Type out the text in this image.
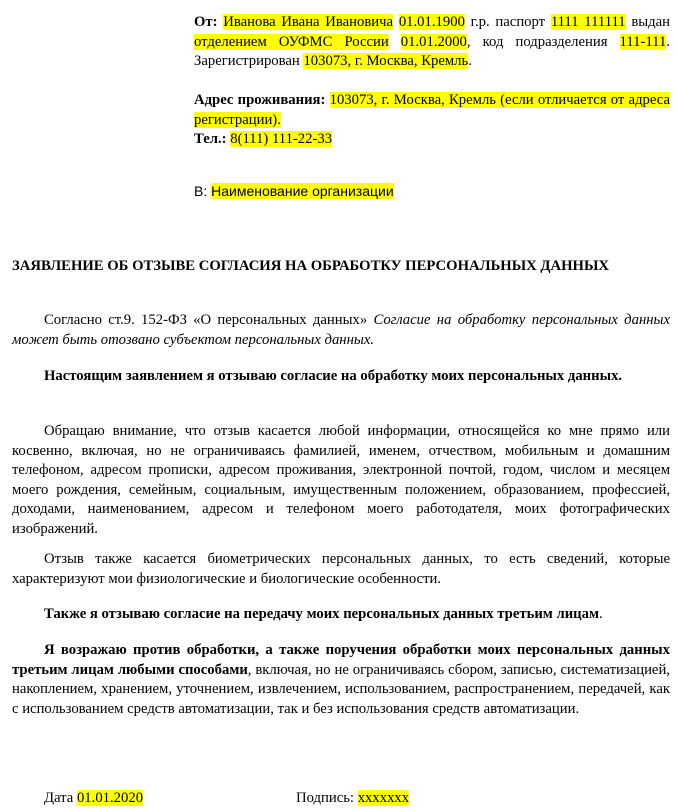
От: Иванова Ивана Ивановича 01.01.1900 г.р. паспорт 1111 111111 выдан отделением ОУФМС России 01.01.2000, код подразделения 111-111. Зарегистрирован 103073, г. Москва, Кремль.
Адрес проживания: 103073, г. Москва, Кремль (если отличается от адреса регистрации).
Тел.: 8(111) 111-22-33
В: Наименование организации
ЗАЯВЛЕНИЕ ОБ ОТЗЫВЕ СОГЛАСИЯ НА ОБРАБОТКУ ПЕРСОНАЛЬНЫХ ДАННЫХ
Согласно ст.9. 152-ФЗ «О персональных данных» Согласие на обработку персональных данных может быть отозвано субъектом персональных данных.
Настоящим заявлением я отзываю согласие на обработку моих персональных данных.
Обращаю внимание, что отзыв касается любой информации, относящейся ко мне прямо или косвенно, включая, но не ограничиваясь фамилией, именем, отчеством, мобильным и домашним телефоном, адресом прописки, адресом проживания, электронной почтой, годом, числом и месяцем моего рождения, семейным, социальным, имущественным положением, образованием, профессией, доходами, наименованием, адресом и телефоном моего работодателя, моих фотографических изображений.
Отзыв также касается биометрических персональных данных, то есть сведений, которые характеризуют мои физиологические и биологические особенности.
Также я отзываю согласие на передачу моих персональных данных третьим лицам.
Я возражаю против обработки, а также поручения обработки моих персональных данных третьим лицам любыми способами, включая, но не ограничиваясь сбором, записью, систематизацией, накоплением, хранением, уточнением, извлечением, использованием, распространением, передачей, как с использованием средств автоматизации, так и без использования средств автоматизации.
Дата 01.01.2020	Подпись: xxxxxxx
